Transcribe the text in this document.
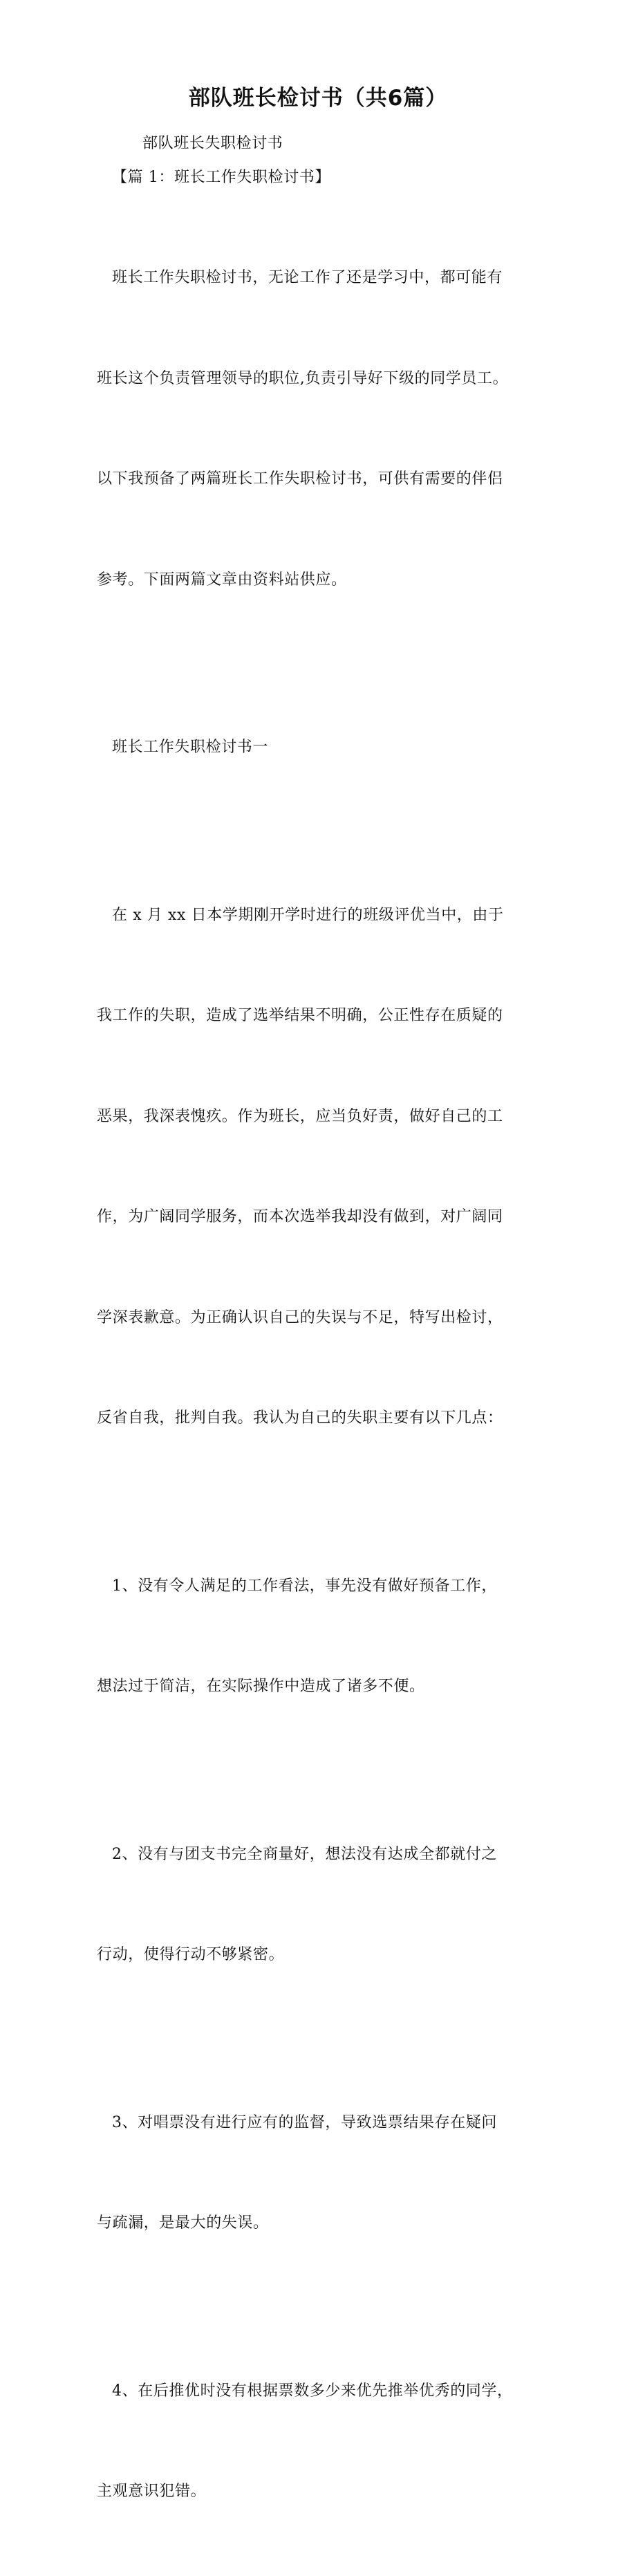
部队班长检讨书（共6篇）

部队班长失职检讨书

【篇 1：班长工作失职检讨书】

班长工作失职检讨书，无论工作了还是学习中，都可能有

班长这个负责管理领导的职位,负责引导好下级的同学员工。

以下我预备了两篇班长工作失职检讨书，可供有需要的伴侣

参考。下面两篇文章由资料站供应。

班长工作失职检讨书一

在 x 月 xx 日本学期刚开学时进行的班级评优当中，由于

我工作的失职，造成了选举结果不明确，公正性存在质疑的

恶果，我深表愧疚。作为班长，应当负好责，做好自己的工

作，为广阔同学服务，而本次选举我却没有做到，对广阔同

学深表歉意。为正确认识自己的失误与不足，特写出检讨，

反省自我，批判自我。我认为自己的失职主要有以下几点：

1、没有令人满足的工作看法，事先没有做好预备工作，

想法过于简洁，在实际操作中造成了诸多不便。

2、没有与团支书完全商量好，想法没有达成全都就付之

行动，使得行动不够紧密。

3、对唱票没有进行应有的监督，导致选票结果存在疑问

与疏漏，是最大的失误。

4、在后推优时没有根据票数多少来优先推举优秀的同学，

主观意识犯错。
